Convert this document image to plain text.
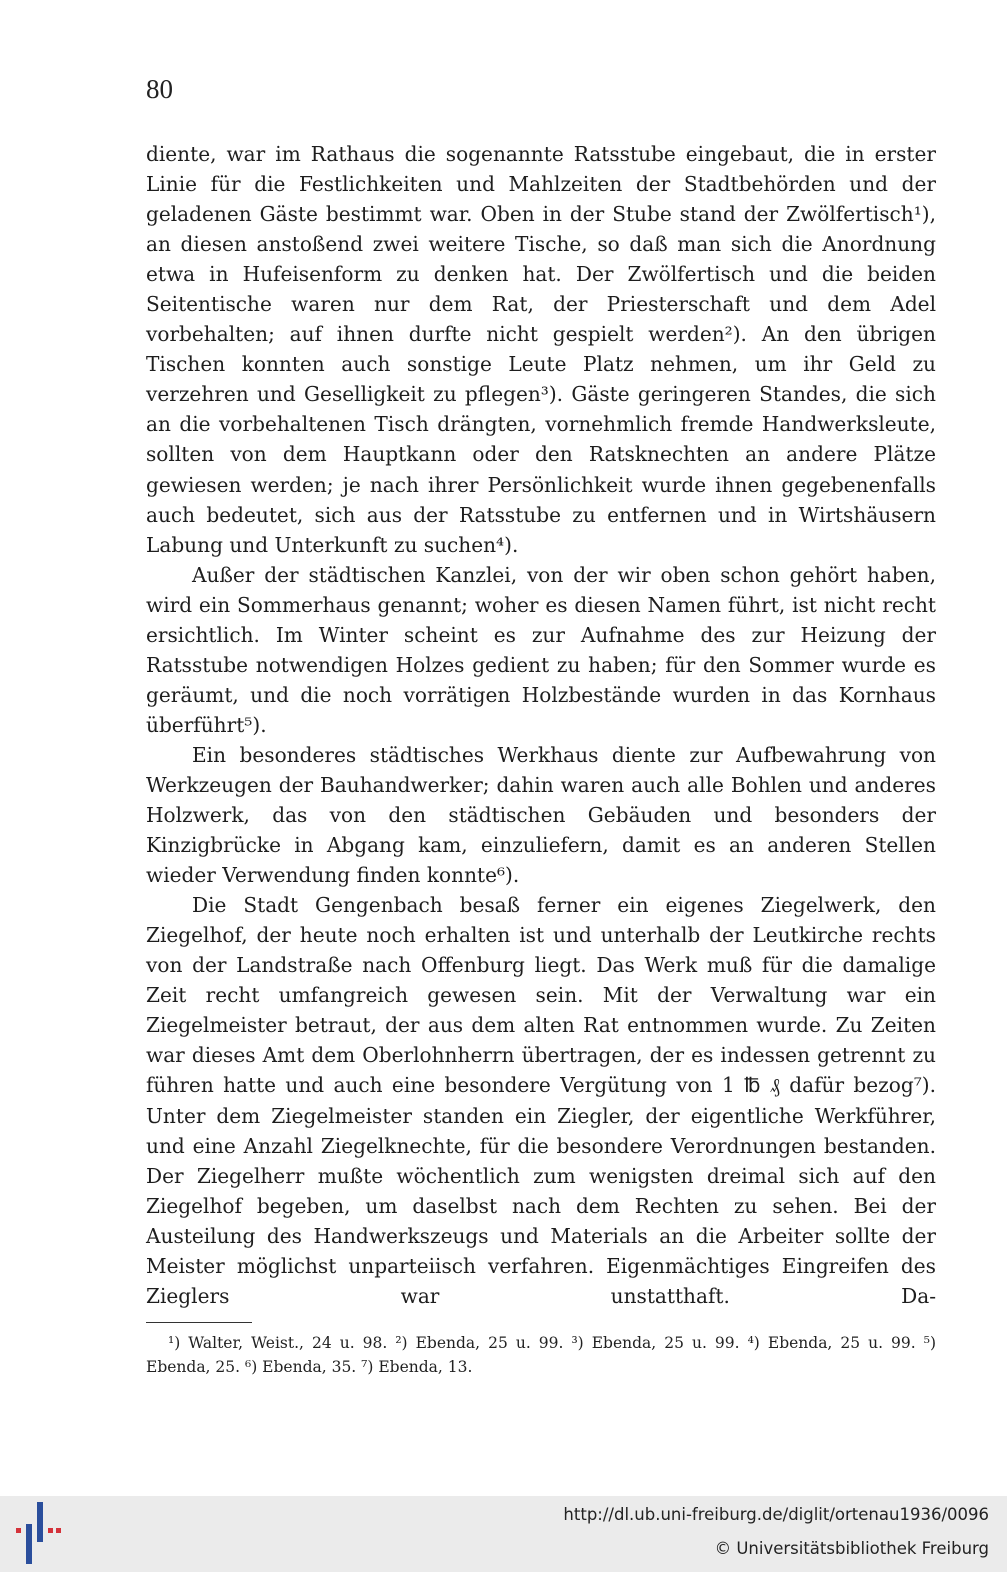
80

diente, war im Rathaus die sogenannte Ratsstube eingebaut, die in erster Linie für die Festlichkeiten und Mahlzeiten der Stadtbehörden und der geladenen Gäste bestimmt war. Oben in der Stube stand der Zwölfertisch¹), an diesen anstoßend zwei weitere Tische, so daß man sich die Anordnung etwa in Hufeisenform zu denken hat. Der Zwölfertisch und die beiden Seitentische waren nur dem Rat, der Priesterschaft und dem Adel vorbehalten; auf ihnen durfte nicht gespielt werden²). An den übrigen Tischen konnten auch sonstige Leute Platz nehmen, um ihr Geld zu verzehren und Geselligkeit zu pflegen³). Gäste geringeren Standes, die sich an die vorbehaltenen Tisch drängten, vornehmlich fremde Handwerksleute, sollten von dem Hauptkann oder den Ratsknechten an andere Plätze gewiesen werden; je nach ihrer Persönlichkeit wurde ihnen gegebenenfalls auch bedeutet, sich aus der Ratsstube zu entfernen und in Wirtshäusern Labung und Unterkunft zu suchen⁴).

Außer der städtischen Kanzlei, von der wir oben schon gehört haben, wird ein Sommerhaus genannt; woher es diesen Namen führt, ist nicht recht ersichtlich. Im Winter scheint es zur Aufnahme des zur Heizung der Ratsstube notwendigen Holzes gedient zu haben; für den Sommer wurde es geräumt, und die noch vorrätigen Holzbestände wurden in das Kornhaus überführt⁵).

Ein besonderes städtisches Werkhaus diente zur Aufbewahrung von Werkzeugen der Bauhandwerker; dahin waren auch alle Bohlen und anderes Holzwerk, das von den städtischen Gebäuden und besonders der Kinzigbrücke in Abgang kam, einzuliefern, damit es an anderen Stellen wieder Verwendung finden konnte⁶).

Die Stadt Gengenbach besaß ferner ein eigenes Ziegelwerk, den Ziegelhof, der heute noch erhalten ist und unterhalb der Leutkirche rechts von der Landstraße nach Offenburg liegt. Das Werk muß für die damalige Zeit recht umfangreich gewesen sein. Mit der Verwaltung war ein Ziegelmeister betraut, der aus dem alten Rat entnommen wurde. Zu Zeiten war dieses Amt dem Oberlohnherrn übertragen, der es indessen getrennt zu führen hatte und auch eine besondere Vergütung von 1 ℔ ₰ dafür bezog⁷). Unter dem Ziegelmeister standen ein Ziegler, der eigentliche Werkführer, und eine Anzahl Ziegelknechte, für die besondere Verordnungen bestanden. Der Ziegelherr mußte wöchentlich zum wenigsten dreimal sich auf den Ziegelhof begeben, um daselbst nach dem Rechten zu sehen. Bei der Austeilung des Handwerkszeugs und Materials an die Arbeiter sollte der Meister möglichst unparteiisch verfahren. Eigenmächtiges Eingreifen des Zieglers war unstatthaft. Da-

¹) Walter, Weist., 24 u. 98. ²) Ebenda, 25 u. 99. ³) Ebenda, 25 u. 99. ⁴) Ebenda, 25 u. 99. ⁵) Ebenda, 25. ⁶) Ebenda, 35. ⁷) Ebenda, 13.
http://dl.ub.uni-freiburg.de/diglit/ortenau1936/0096
© Universitätsbibliothek Freiburg
